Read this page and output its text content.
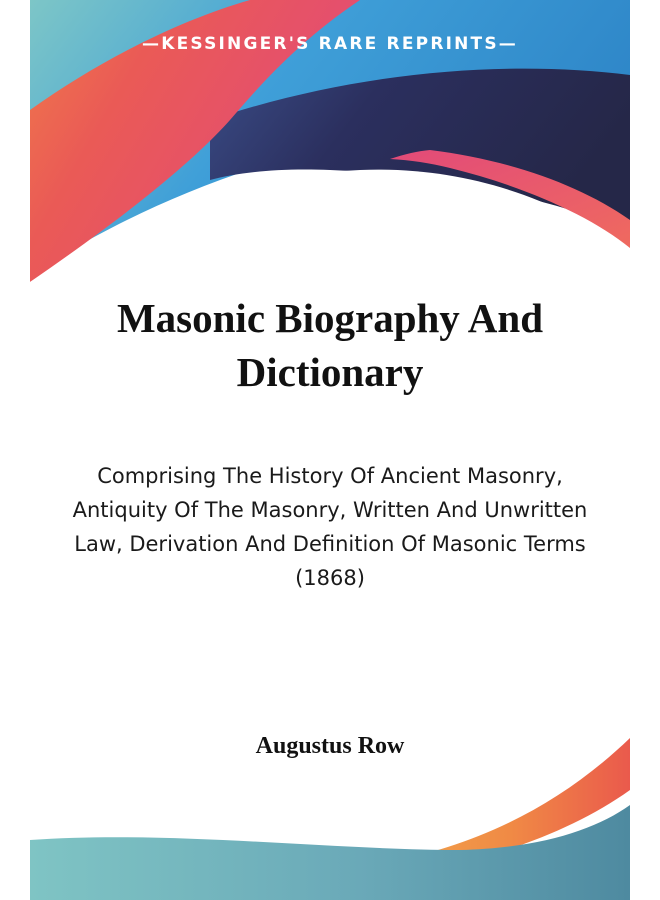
—KESSINGER'S RARE REPRINTS—
Masonic Biography And Dictionary

Comprising The History Of Ancient Masonry, Antiquity Of The Masonry, Written And Unwritten Law, Derivation And Definition Of Masonic Terms (1868)

Augustus Row
